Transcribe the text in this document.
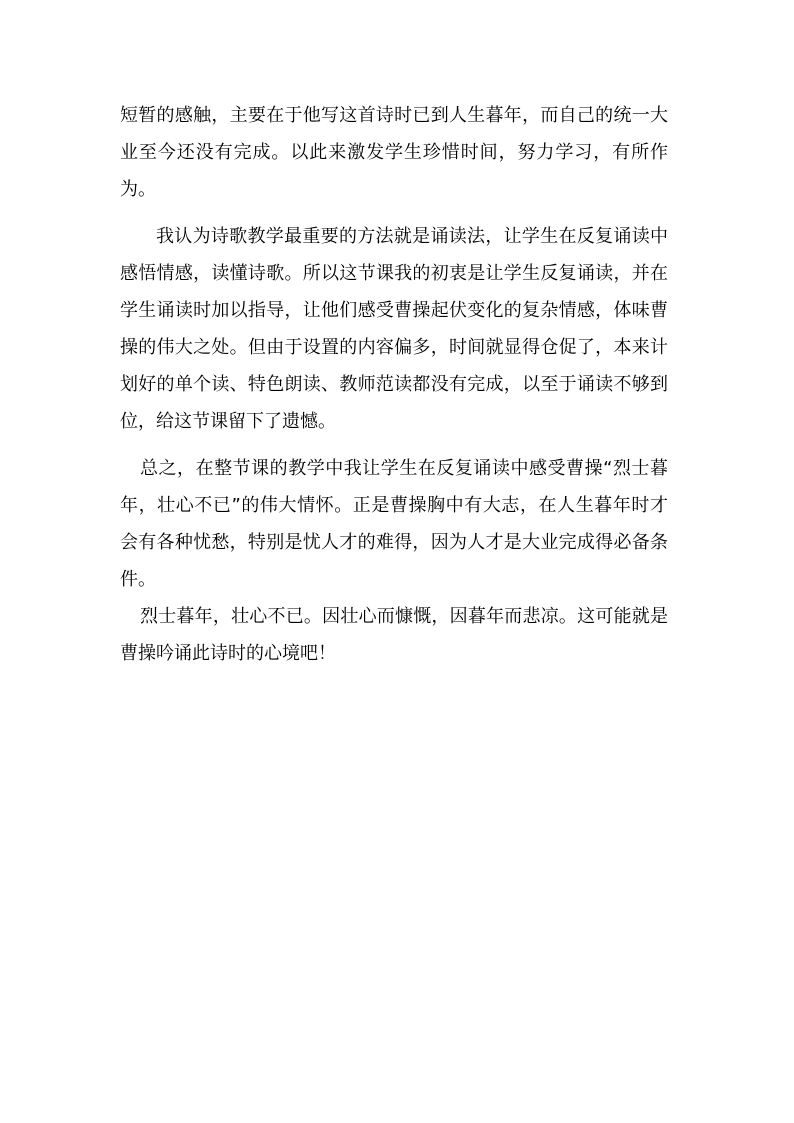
短暂的感触，主要在于他写这首诗时已到人生暮年，而自己的统一大业至今还没有完成。以此来激发学生珍惜时间，努力学习，有所作为。

我认为诗歌教学最重要的方法就是诵读法，让学生在反复诵读中感悟情感，读懂诗歌。所以这节课我的初衷是让学生反复诵读，并在学生诵读时加以指导，让他们感受曹操起伏变化的复杂情感，体味曹操的伟大之处。但由于设置的内容偏多，时间就显得仓促了，本来计划好的单个读、特色朗读、教师范读都没有完成，以至于诵读不够到位，给这节课留下了遗憾。

总之，在整节课的教学中我让学生在反复诵读中感受曹操“烈士暮年，壮心不已”的伟大情怀。正是曹操胸中有大志，在人生暮年时才会有各种忧愁，特别是忧人才的难得，因为人才是大业完成得必备条件。

烈士暮年，壮心不已。因壮心而慷慨，因暮年而悲凉。这可能就是曹操吟诵此诗时的心境吧！
